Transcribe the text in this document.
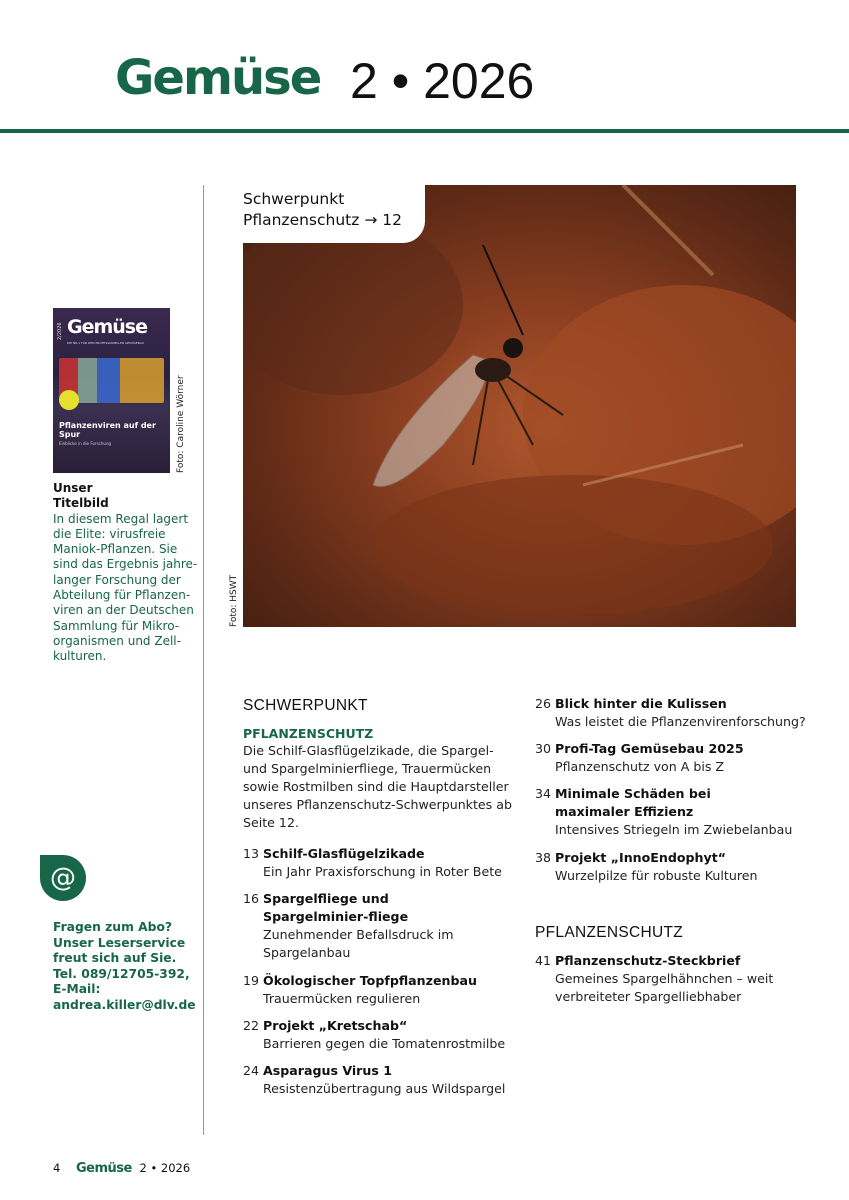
Gemüse 2 • 2026
Gemüse
DIE NR.1 FÜR DEN PROFESSIONELLEN GEMÜSEBAU
2/2026
Pflanzenviren auf der Spur
Einblicke in die Forschung	Foto: Caroline Wörner
Unser
Titelbild
In diesem Regal lagert die Elite: virusfreie Maniok-Pflanzen. Sie sind das Ergebnis jahre-langer Forschung der Abteilung für Pflanzen-viren an der Deutschen Sammlung für Mikro-organismen und Zell-kulturen.
@
Fragen zum Abo?
Unser Leserservice
freut sich auf Sie.
Tel. 089/12705-392,
E-Mail:
andrea.killer@dlv.de
Schwerpunkt
Pflanzenschutz → 12
Foto: HSWT
SCHWERPUNKT
PFLANZENSCHUTZ
Die Schilf-Glasflügelzikade, die Spargel- und Spargelminierfliege, Trauermücken sowie Rostmilben sind die Hauptdarsteller unseres Pflanzenschutz-Schwerpunktes ab Seite 12.
13 Schilf-Glasflügelzikade
Ein Jahr Praxisforschung in Roter Bete
16 Spargelfliege und Spargelminier-fliege
Zunehmender Befallsdruck im Spargelanbau
19 Ökologischer Topfpflanzenbau
Trauermücken regulieren
22 Projekt „Kretschab“
Barrieren gegen die Tomatenrostmilbe
24 Asparagus Virus 1
Resistenzübertragung aus Wildspargel
26 Blick hinter die Kulissen
Was leistet die Pflanzenvirenforschung?
30 Profi-Tag Gemüsebau 2025
Pflanzenschutz von A bis Z
34 Minimale Schäden bei maximaler Effizienz
Intensives Striegeln im Zwiebelanbau
38 Projekt „InnoEndophyt“
Wurzelpilze für robuste Kulturen
PFLANZENSCHUTZ
41 Pflanzenschutz-Steckbrief
Gemeines Spargelhähnchen – weit verbreiteter Spargelliebhaber
4 Gemüse 2 • 2026
